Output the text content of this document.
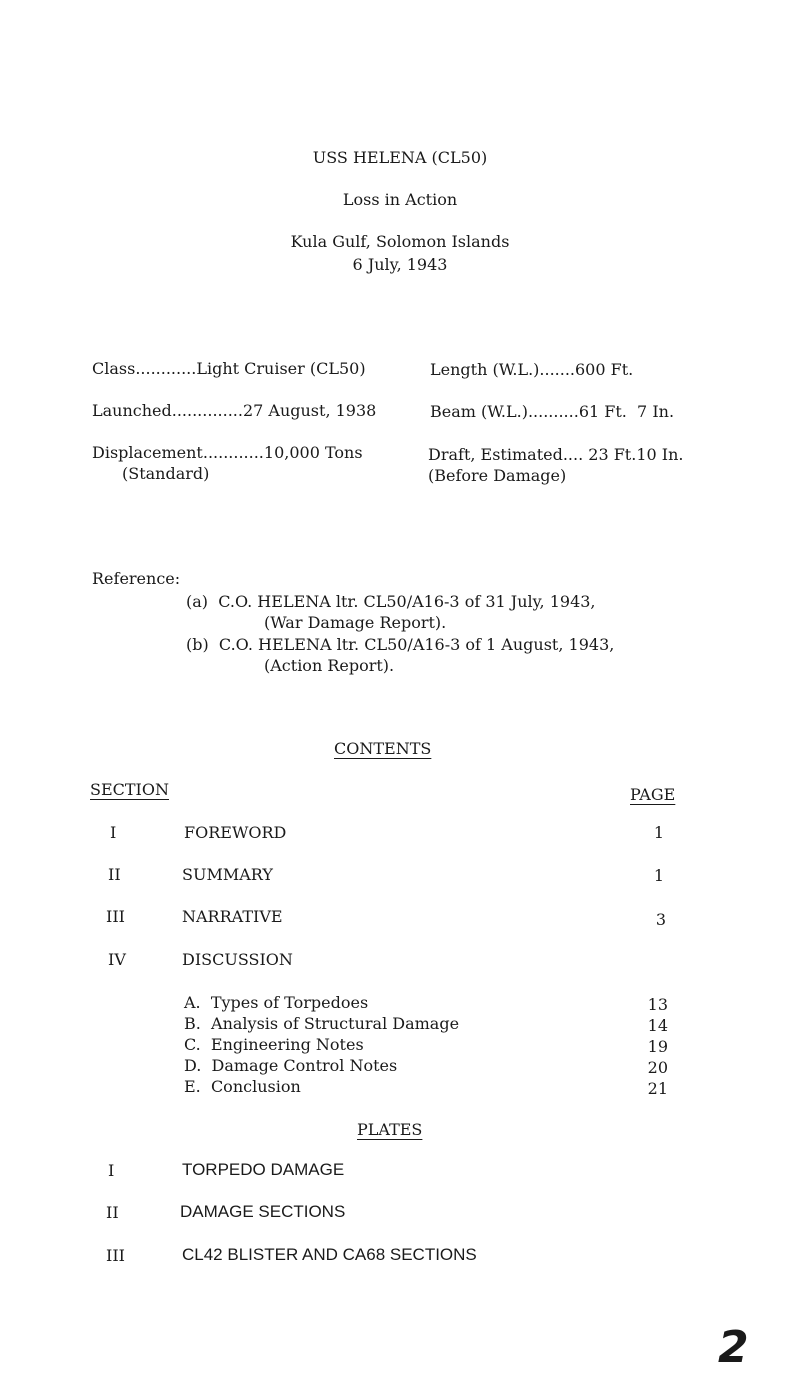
USS HELENA (CL50)
Loss in Action
Kula Gulf, Solomon Islands
6 July, 1943
Class............Light Cruiser (CL50)
Launched..............27 August, 1938
Displacement............10,000 Tons
(Standard)
Length (W.L.).......600 Ft.
Beam (W.L.)..........61 Ft.  7 In.
Draft, Estimated.... 23 Ft.10 In.
(Before Damage)
Reference:
(a)  C.O. HELENA ltr. CL50/A16-3 of 31 July, 1943,
(War Damage Report).
(b)  C.O. HELENA ltr. CL50/A16-3 of 1 August, 1943,
(Action Report).
CONTENTS
SECTION	PAGE
I	FOREWORD	1
II	SUMMARY	1
III	NARRATIVE	3
IV	DISCUSSION
A.  Types of Torpedoes	13
B.  Analysis of Structural Damage	14
C.  Engineering Notes	19
D.  Damage Control Notes	20
E.  Conclusion	21
PLATES
I	TORPEDO DAMAGE
II	DAMAGE SECTIONS
III	CL42 BLISTER AND CA68 SECTIONS
2
